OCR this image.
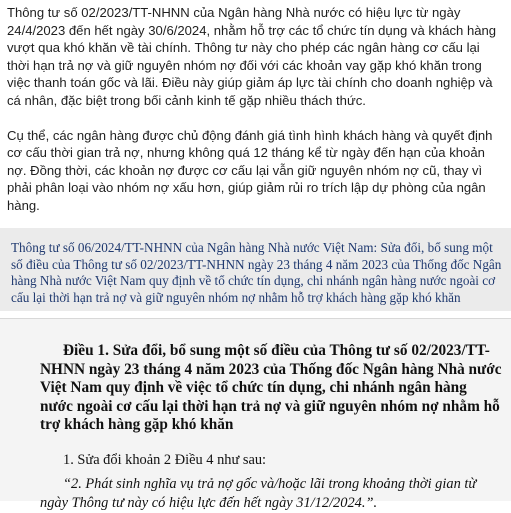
Thông tư số 02/2023/TT-NHNN của Ngân hàng Nhà nước có hiệu lực từ ngày 24/4/2023 đến hết ngày 30/6/2024, nhằm hỗ trợ các tổ chức tín dụng và khách hàng vượt qua khó khăn về tài chính. Thông tư này cho phép các ngân hàng cơ cấu lại thời hạn trả nợ và giữ nguyên nhóm nợ đối với các khoản vay gặp khó khăn trong việc thanh toán gốc và lãi. Điều này giúp giảm áp lực tài chính cho doanh nghiệp và cá nhân, đặc biệt trong bối cảnh kinh tế gặp nhiều thách thức.

Cụ thể, các ngân hàng được chủ động đánh giá tình hình khách hàng và quyết định cơ cấu thời gian trả nợ, nhưng không quá 12 tháng kể từ ngày đến hạn của khoản nợ. Đồng thời, các khoản nợ được cơ cấu lại vẫn giữ nguyên nhóm nợ cũ, thay vì phải phân loại vào nhóm nợ xấu hơn, giúp giảm rủi ro trích lập dự phòng của ngân hàng.

Thông tư số 06/2024/TT-NHNN của Ngân hàng Nhà nước Việt Nam: Sửa đổi, bổ sung một số điều của Thông tư số 02/2023/TT-NHNN ngày 23 tháng 4 năm 2023 của Thống đốc Ngân hàng Nhà nước Việt Nam quy định về tổ chức tín dụng, chi nhánh ngân hàng nước ngoài cơ cấu lại thời hạn trả nợ và giữ nguyên nhóm nợ nhằm hỗ trợ khách hàng gặp khó khăn
Điều 1. Sửa đổi, bổ sung một số điều của Thông tư số 02/2023/TT-NHNN ngày 23 tháng 4 năm 2023 của Thống đốc Ngân hàng Nhà nước Việt Nam quy định về việc tổ chức tín dụng, chi nhánh ngân hàng nước ngoài cơ cấu lại thời hạn trả nợ và giữ nguyên nhóm nợ nhằm hỗ trợ khách hàng gặp khó khăn
1. Sửa đổi khoản 2 Điều 4 như sau:
“2. Phát sinh nghĩa vụ trả nợ gốc và/hoặc lãi trong khoảng thời gian từ ngày Thông tư này có hiệu lực đến hết ngày 31/12/2024.”.
